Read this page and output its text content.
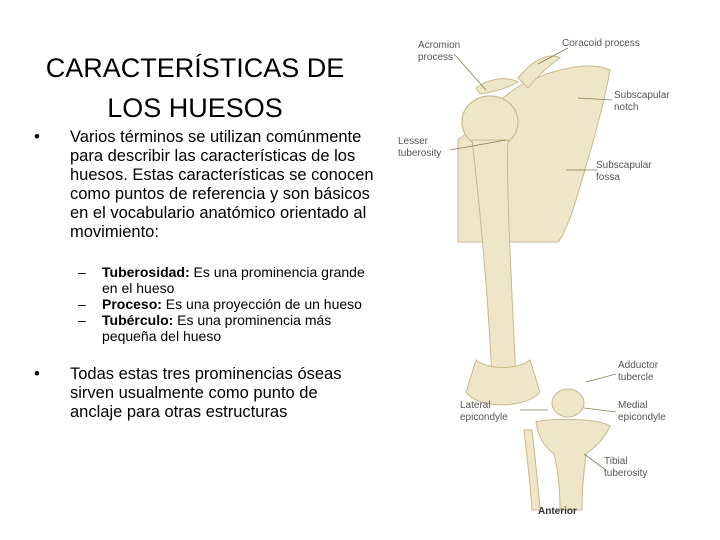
CARACTERÍSTICAS DE
LOS HUESOS
• Varios términos se utilizan comúnmente

para describir las características de los

huesos. Estas características se conocen

como puntos de referencia y son básicos

en el vocabulario anatómico orientado al

movimiento:

– Tuberosidad: Es una prominencia grande

en el hueso

– Proceso: Es una proyección de un hueso

– Tubérculo: Es una prominencia más

pequeña del hueso

• Todas estas tres prominencias óseas

sirven usualmente como punto de

anclaje para otras estructuras

Acromion
process
Coracoid process
Subscapular
notch
Lesser
tuberosity
Subscapular
fossa
Adductor
tubercle
Lateral
epicondyle
Medial
epicondyle
Tibial
tuberosity
Anterior
